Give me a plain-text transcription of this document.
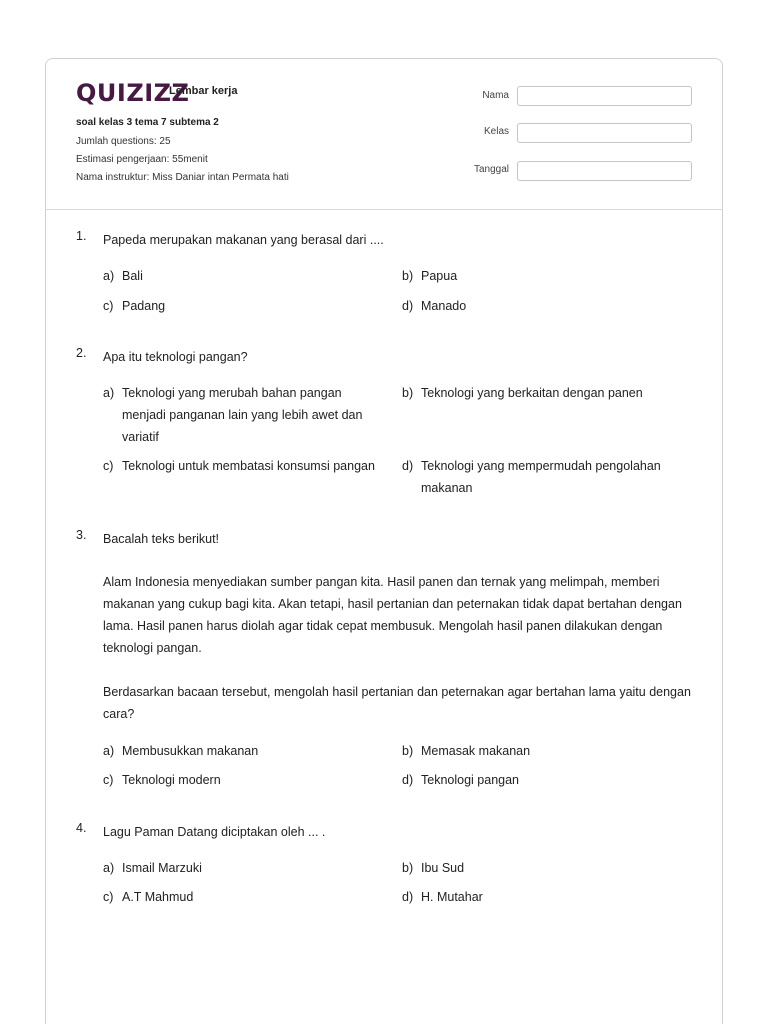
QUIZIZZ
Lembar kerja
soal kelas 3 tema 7 subtema 2
Jumlah questions: 25
Estimasi pengerjaan: 55menit
Nama instruktur: Miss Daniar intan Permata hati
Nama
Kelas
Tanggal
1. Papeda merupakan makanan yang berasal dari ....
a) Bali	b) Papua
c) Padang	d) Manado
2. Apa itu teknologi pangan?
a) Teknologi yang merubah bahan pangan menjadi panganan lain yang lebih awet dan variatif
b) Teknologi yang berkaitan dengan panen
c) Teknologi untuk membatasi konsumsi pangan	d) Teknologi yang mempermudah pengolahan makanan
3. Bacalah teks berikut!
Alam Indonesia menyediakan sumber pangan kita. Hasil panen dan ternak yang melimpah, memberi makanan yang cukup bagi kita. Akan tetapi, hasil pertanian dan peternakan tidak dapat bertahan dengan lama. Hasil panen harus diolah agar tidak cepat membusuk. Mengolah hasil panen dilakukan dengan teknologi pangan.
Berdasarkan bacaan tersebut, mengolah hasil pertanian dan peternakan agar bertahan lama yaitu dengan cara?
a) Membusukkan makanan	b) Memasak makanan
c) Teknologi modern	d) Teknologi pangan
4. Lagu Paman Datang diciptakan oleh ... .
a) Ismail Marzuki	b) Ibu Sud
c) A.T Mahmud	d) H. Mutahar
